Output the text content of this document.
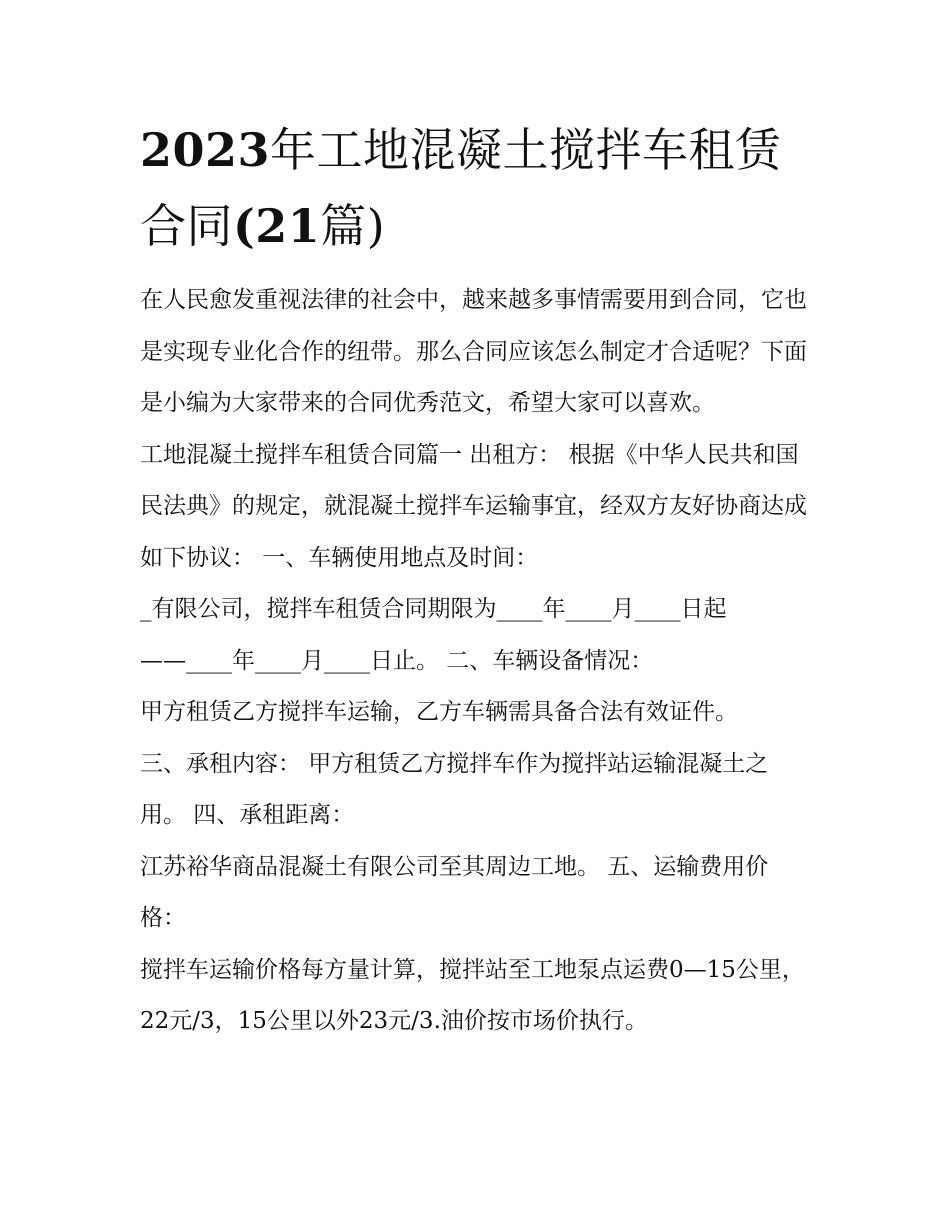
2023年工地混凝土搅拌车租赁
合同(21篇)

在人民愈发重视法律的社会中，越来越多事情需要用到合同，它也是实现专业化合作的纽带。那么合同应该怎么制定才合适呢？下面是小编为大家带来的合同优秀范文，希望大家可以喜欢。

工地混凝土搅拌车租赁合同篇一 出租方： 根据《中华人民共和国民法典》的规定，就混凝土搅拌车运输事宜，经双方友好协商达成如下协议： 一、车辆使用地点及时间：

_有限公司，搅拌车租赁合同期限为____年____月____日起

——____年____月____日止。 二、车辆设备情况：

甲方租赁乙方搅拌车运输，乙方车辆需具备合法有效证件。

三、承租内容： 甲方租赁乙方搅拌车作为搅拌站运输混凝土之用。 四、承租距离：

江苏裕华商品混凝土有限公司至其周边工地。 五、运输费用价格：

搅拌车运输价格每方量计算，搅拌站至工地泵点运费0—15公里，22元/3，15公里以外23元/3.油价按市场价执行。
